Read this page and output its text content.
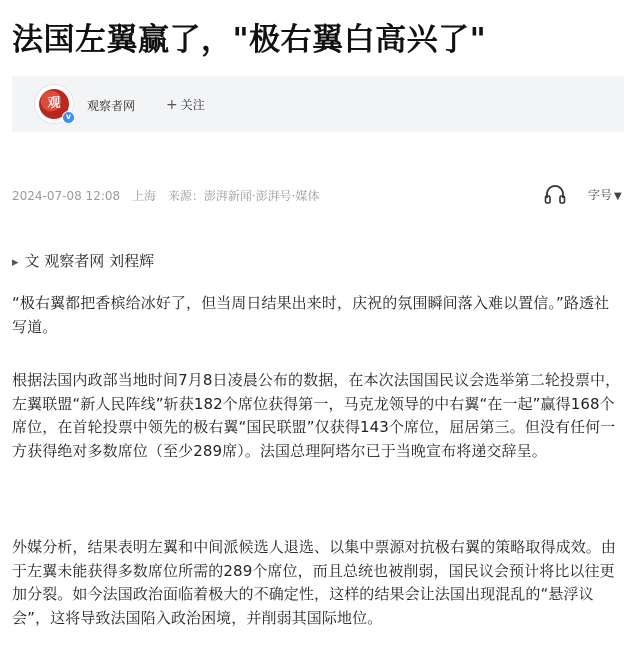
法国左翼赢了，"极右翼白高兴了"
观
v
观察者网 + 关注
2024-07-08 12:08 上海 来源：澎湃新闻·澎湃号·媒体	字号 ▼
▸ 文 观察者网 刘程辉
“极右翼都把香槟给冰好了，但当周日结果出来时，庆祝的氛围瞬间落入难以置信。”路透社写道。
根据法国内政部当地时间7月8日凌晨公布的数据，在本次法国国民议会选举第二轮投票中，左翼联盟“新人民阵线”斩获182个席位获得第一，马克龙领导的中右翼“在一起”赢得168个席位，在首轮投票中领先的极右翼“国民联盟”仅获得143个席位，屈居第三。但没有任何一方获得绝对多数席位（至少289席）。法国总理阿塔尔已于当晚宣布将递交辞呈。
外媒分析，结果表明左翼和中间派候选人退选、以集中票源对抗极右翼的策略取得成效。由于左翼未能获得多数席位所需的289个席位，而且总统也被削弱，国民议会预计将比以往更加分裂。如今法国政治面临着极大的不确定性，这样的结果会让法国出现混乱的“悬浮议会”，这将导致法国陷入政治困境，并削弱其国际地位。
